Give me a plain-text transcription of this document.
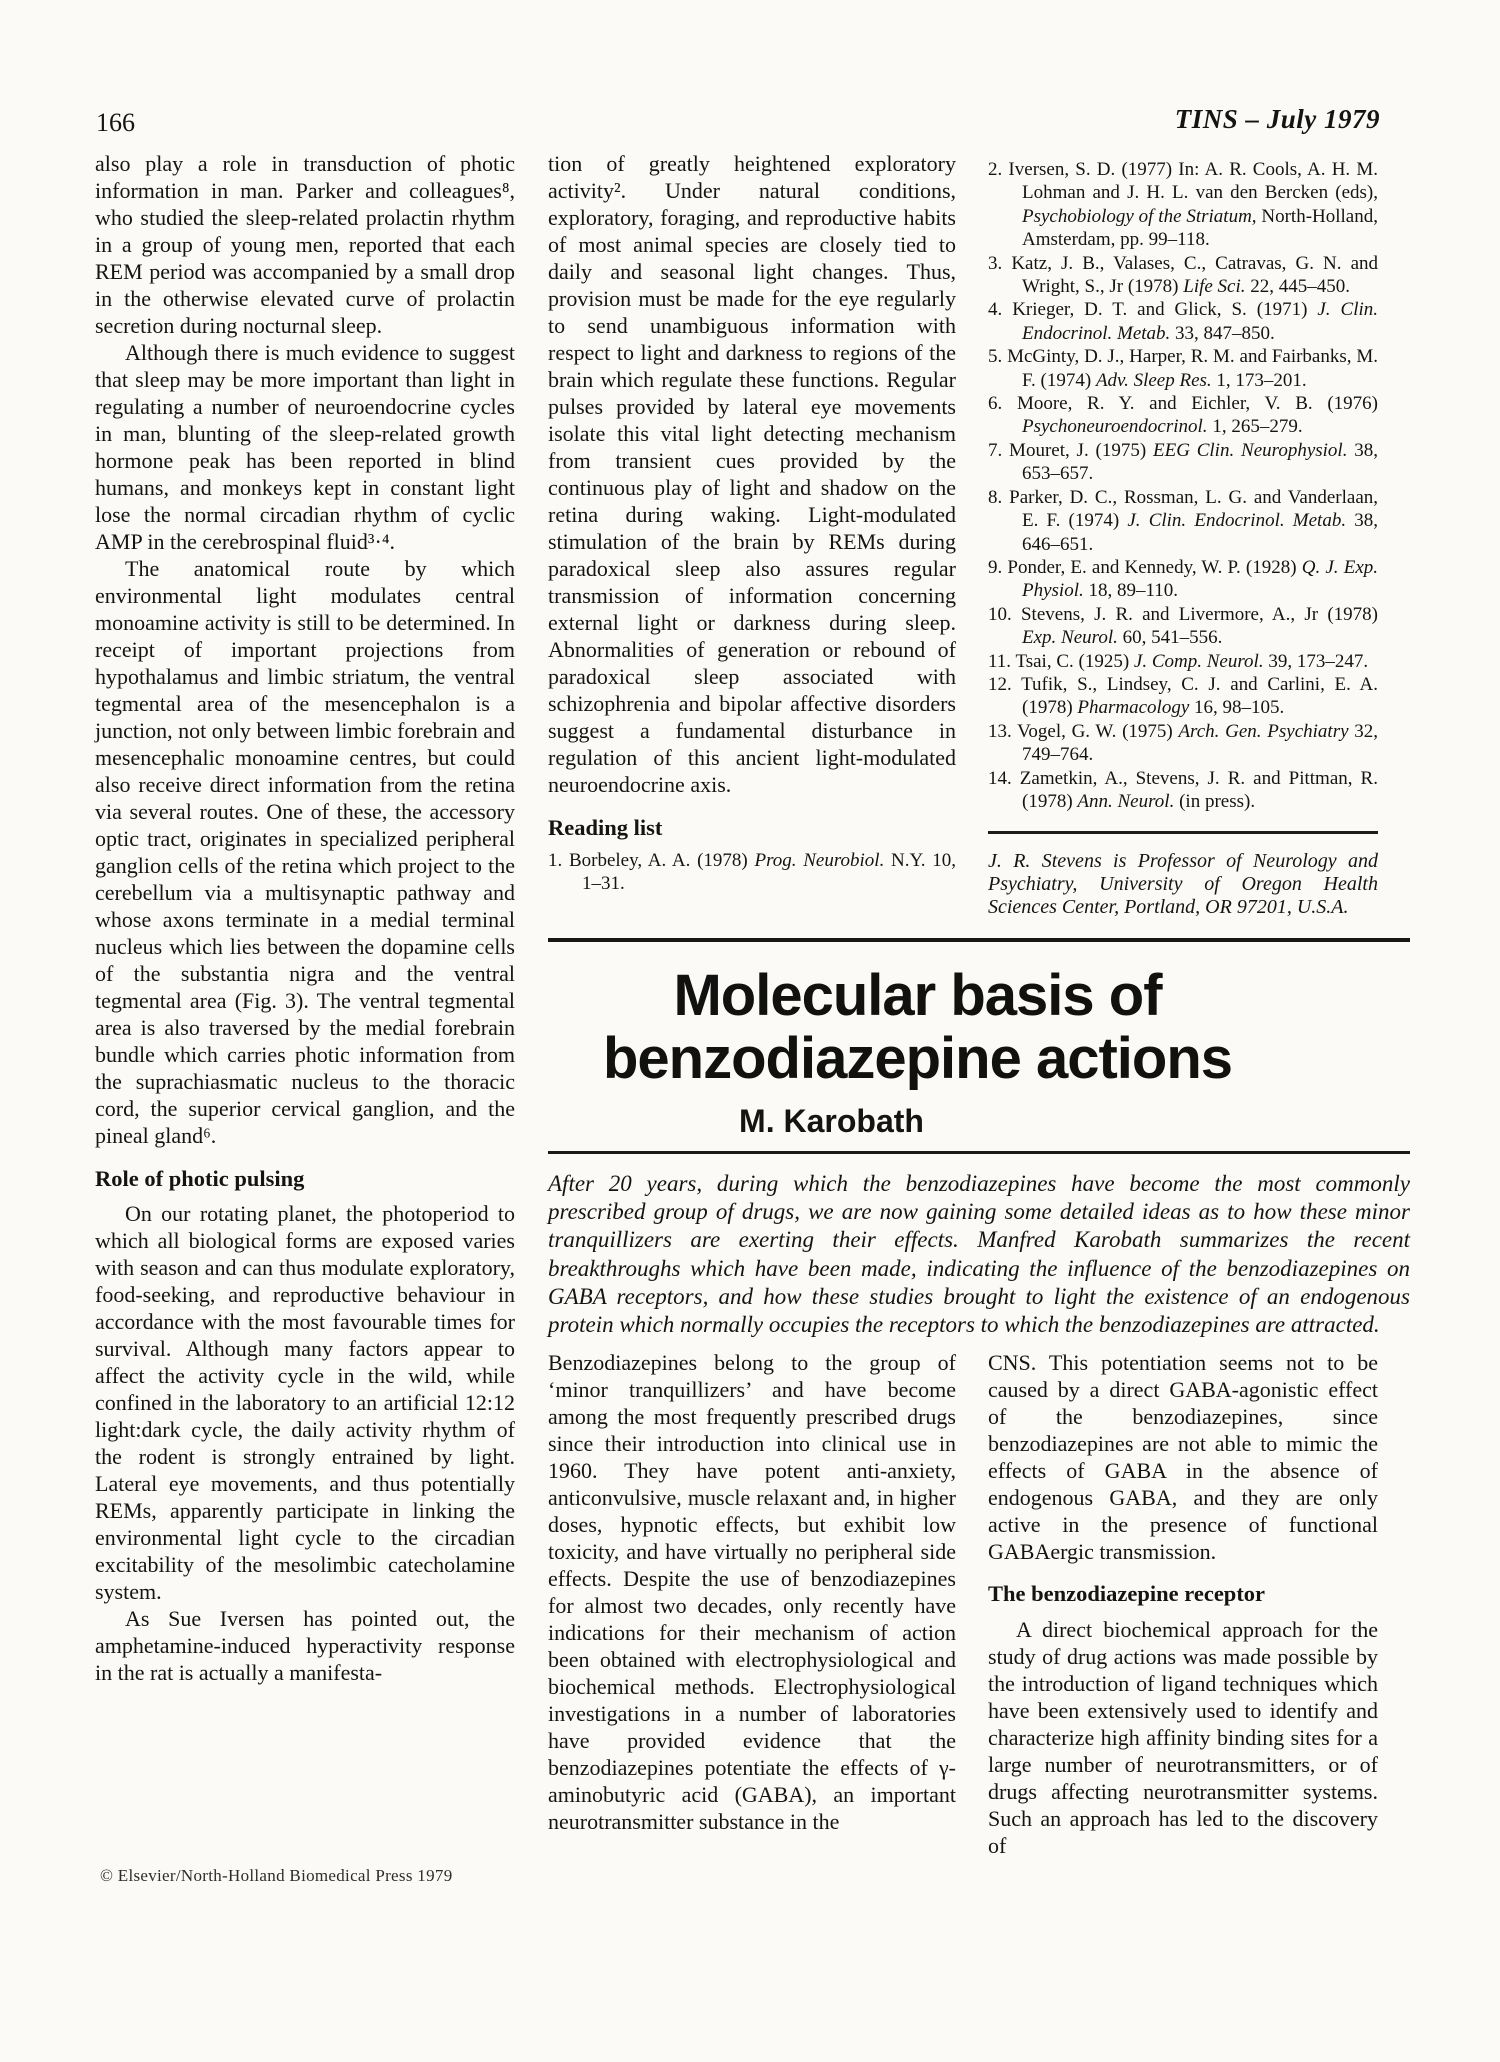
166	TINS – July 1979

also play a role in transduction of photic information in man. Parker and colleagues⁸, who studied the sleep-related prolactin rhythm in a group of young men, reported that each REM period was accompanied by a small drop in the otherwise elevated curve of prolactin secretion during nocturnal sleep.

Although there is much evidence to suggest that sleep may be more important than light in regulating a number of neuroendocrine cycles in man, blunting of the sleep-related growth hormone peak has been reported in blind humans, and monkeys kept in constant light lose the normal circadian rhythm of cyclic AMP in the cerebrospinal fluid³·⁴.

The anatomical route by which environmental light modulates central monoamine activity is still to be determined. In receipt of important projections from hypothalamus and limbic striatum, the ventral tegmental area of the mesencephalon is a junction, not only between limbic forebrain and mesencephalic monoamine centres, but could also receive direct information from the retina via several routes. One of these, the accessory optic tract, originates in specialized peripheral ganglion cells of the retina which project to the cerebellum via a multisynaptic pathway and whose axons terminate in a medial terminal nucleus which lies between the dopamine cells of the substantia nigra and the ventral tegmental area (Fig. 3). The ventral tegmental area is also traversed by the medial forebrain bundle which carries photic information from the suprachiasmatic nucleus to the thoracic cord, the superior cervical ganglion, and the pineal gland⁶.

Role of photic pulsing

On our rotating planet, the photoperiod to which all biological forms are exposed varies with season and can thus modulate exploratory, food-seeking, and reproductive behaviour in accordance with the most favourable times for survival. Although many factors appear to affect the activity cycle in the wild, while confined in the laboratory to an artificial 12:12 light:dark cycle, the daily activity rhythm of the rodent is strongly entrained by light. Lateral eye movements, and thus potentially REMs, apparently participate in linking the environmental light cycle to the circadian excitability of the mesolimbic catecholamine system.

As Sue Iversen has pointed out, the amphetamine-induced hyperactivity response in the rat is actually a manifesta-

tion of greatly heightened exploratory activity². Under natural conditions, exploratory, foraging, and reproductive habits of most animal species are closely tied to daily and seasonal light changes. Thus, provision must be made for the eye regularly to send unambiguous information with respect to light and darkness to regions of the brain which regulate these functions. Regular pulses provided by lateral eye movements isolate this vital light detecting mechanism from transient cues provided by the continuous play of light and shadow on the retina during waking. Light-modulated stimulation of the brain by REMs during paradoxical sleep also assures regular transmission of information concerning external light or darkness during sleep. Abnormalities of generation or rebound of paradoxical sleep associated with schizophrenia and bipolar affective disorders suggest a fundamental disturbance in regulation of this ancient light-modulated neuroendocrine axis.

Reading list
1. Borbeley, A. A. (1978) Prog. Neurobiol. N.Y. 10, 1–31.
2. Iversen, S. D. (1977) In: A. R. Cools, A. H. M. Lohman and J. H. L. van den Bercken (eds), Psychobiology of the Striatum, North-Holland, Amsterdam, pp. 99–118.
3. Katz, J. B., Valases, C., Catravas, G. N. and Wright, S., Jr (1978) Life Sci. 22, 445–450.
4. Krieger, D. T. and Glick, S. (1971) J. Clin. Endocrinol. Metab. 33, 847–850.
5. McGinty, D. J., Harper, R. M. and Fairbanks, M. F. (1974) Adv. Sleep Res. 1, 173–201.
6. Moore, R. Y. and Eichler, V. B. (1976) Psychoneuroendocrinol. 1, 265–279.
7. Mouret, J. (1975) EEG Clin. Neurophysiol. 38, 653–657.
8. Parker, D. C., Rossman, L. G. and Vanderlaan, E. F. (1974) J. Clin. Endocrinol. Metab. 38, 646–651.
9. Ponder, E. and Kennedy, W. P. (1928) Q. J. Exp. Physiol. 18, 89–110.
10. Stevens, J. R. and Livermore, A., Jr (1978) Exp. Neurol. 60, 541–556.
11. Tsai, C. (1925) J. Comp. Neurol. 39, 173–247.
12. Tufik, S., Lindsey, C. J. and Carlini, E. A. (1978) Pharmacology 16, 98–105.
13. Vogel, G. W. (1975) Arch. Gen. Psychiatry 32, 749–764.
14. Zametkin, A., Stevens, J. R. and Pittman, R. (1978) Ann. Neurol. (in press).

J. R. Stevens is Professor of Neurology and Psychiatry, University of Oregon Health Sciences Center, Portland, OR 97201, U.S.A.

Molecular basis of
benzodiazepine actions
M. Karobath

After 20 years, during which the benzodiazepines have become the most commonly prescribed group of drugs, we are now gaining some detailed ideas as to how these minor tranquillizers are exerting their effects. Manfred Karobath summarizes the recent breakthroughs which have been made, indicating the influence of the benzodiazepines on GABA receptors, and how these studies brought to light the existence of an endogenous protein which normally occupies the receptors to which the benzodiazepines are attracted.

Benzodiazepines belong to the group of ‘minor tranquillizers’ and have become among the most frequently prescribed drugs since their introduction into clinical use in 1960. They have potent anti-anxiety, anticonvulsive, muscle relaxant and, in higher doses, hypnotic effects, but exhibit low toxicity, and have virtually no peripheral side effects. Despite the use of benzodiazepines for almost two decades, only recently have indications for their mechanism of action been obtained with electrophysiological and biochemical methods. Electrophysiological investigations in a number of laboratories have provided evidence that the benzodiazepines potentiate the effects of γ-aminobutyric acid (GABA), an important neurotransmitter substance in the

CNS. This potentiation seems not to be caused by a direct GABA-agonistic effect of the benzodiazepines, since benzodiazepines are not able to mimic the effects of GABA in the absence of endogenous GABA, and they are only active in the presence of functional GABAergic transmission.

The benzodiazepine receptor

A direct biochemical approach for the study of drug actions was made possible by the introduction of ligand techniques which have been extensively used to identify and characterize high affinity binding sites for a large number of neurotransmitters, or of drugs affecting neurotransmitter systems. Such an approach has led to the discovery of

© Elsevier/North-Holland Biomedical Press 1979
